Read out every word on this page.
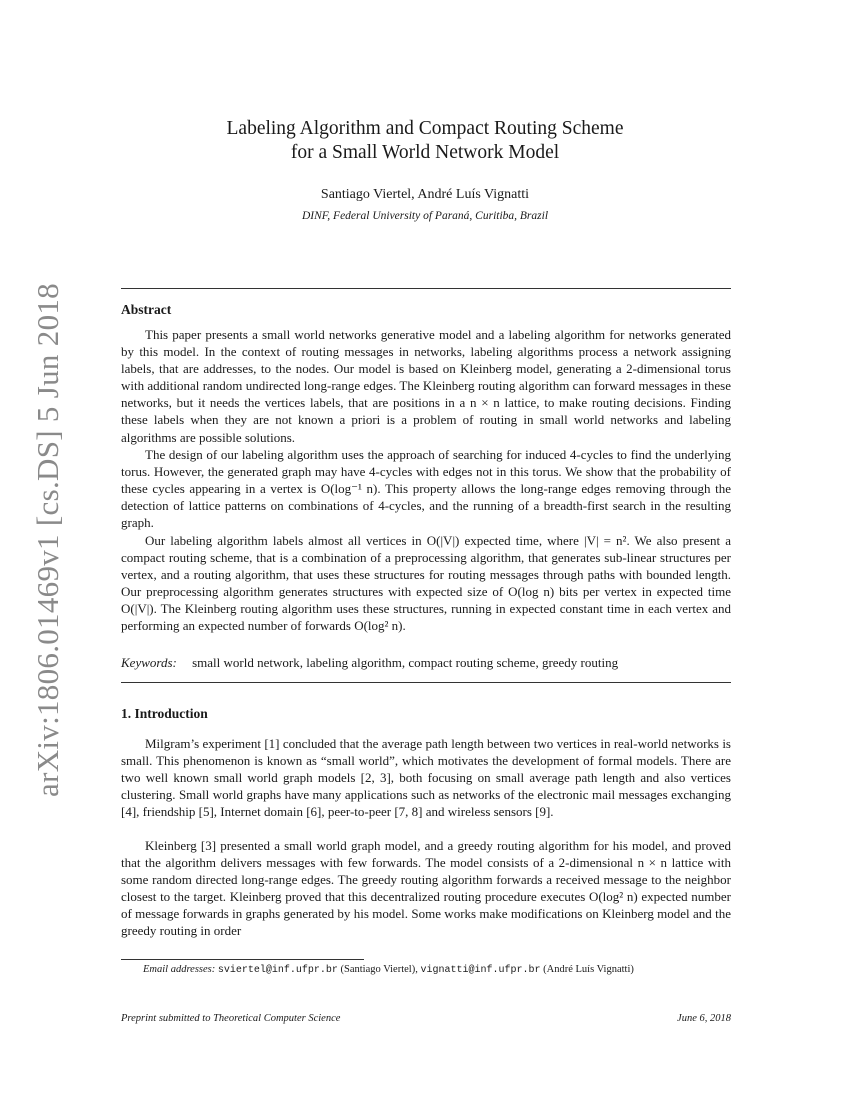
arXiv:1806.01469v1 [cs.DS] 5 Jun 2018
Labeling Algorithm and Compact Routing Scheme
for a Small World Network Model
Santiago Viertel, André Luís Vignatti
DINF, Federal University of Paraná, Curitiba, Brazil
Abstract

This paper presents a small world networks generative model and a labeling algorithm for networks generated by this model. In the context of routing messages in networks, labeling algorithms process a network assigning labels, that are addresses, to the nodes. Our model is based on Kleinberg model, generating a 2-dimensional torus with additional random undirected long-range edges. The Kleinberg routing algorithm can forward messages in these networks, but it needs the vertices labels, that are positions in a n × n lattice, to make routing decisions. Finding these labels when they are not known a priori is a problem of routing in small world networks and labeling algorithms are possible solutions.

The design of our labeling algorithm uses the approach of searching for induced 4-cycles to find the underlying torus. However, the generated graph may have 4-cycles with edges not in this torus. We show that the probability of these cycles appearing in a vertex is O(log⁻¹ n). This property allows the long-range edges removing through the detection of lattice patterns on combinations of 4-cycles, and the running of a breadth-first search in the resulting graph.

Our labeling algorithm labels almost all vertices in O(|V|) expected time, where |V| = n². We also present a compact routing scheme, that is a combination of a preprocessing algorithm, that generates sub-linear structures per vertex, and a routing algorithm, that uses these structures for routing messages through paths with bounded length. Our preprocessing algorithm generates structures with expected size of O(log n) bits per vertex in expected time O(|V|). The Kleinberg routing algorithm uses these structures, running in expected constant time in each vertex and performing an expected number of forwards O(log² n).

Keywords: small world network, labeling algorithm, compact routing scheme, greedy routing
1. Introduction

Milgram’s experiment [1] concluded that the average path length between two vertices in real-world networks is small. This phenomenon is known as “small world”, which motivates the development of formal models. There are two well known small world graph models [2, 3], both focusing on small average path length and also vertices clustering. Small world graphs have many applications such as networks of the electronic mail messages exchanging [4], friendship [5], Internet domain [6], peer-to-peer [7, 8] and wireless sensors [9].

Kleinberg [3] presented a small world graph model, and a greedy routing algorithm for his model, and proved that the algorithm delivers messages with few forwards. The model consists of a 2-dimensional n × n lattice with some random directed long-range edges. The greedy routing algorithm forwards a received message to the neighbor closest to the target. Kleinberg proved that this decentralized routing procedure executes O(log² n) expected number of message forwards in graphs generated by his model. Some works make modifications on Kleinberg model and the greedy routing in order

Email addresses: sviertel@inf.ufpr.br (Santiago Viertel), vignatti@inf.ufpr.br (André Luís Vignatti)
Preprint submitted to Theoretical Computer Science	June 6, 2018
